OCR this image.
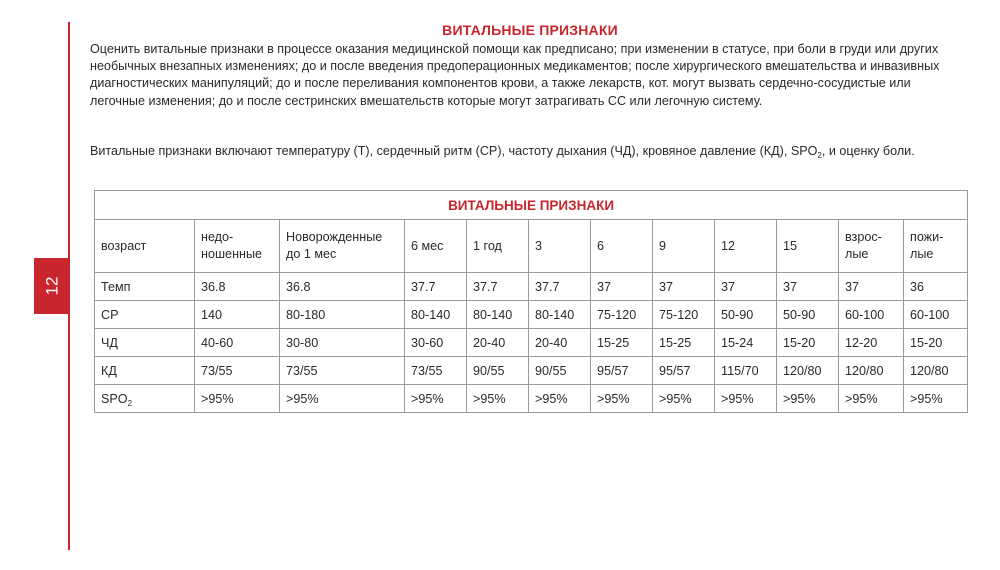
12
ВИТАЛЬНЫЕ ПРИЗНАКИ

Оценить витальные признаки в процессе оказания медицинской помощи как предписано; при изменении в статусе, при боли в груди или других необычных внезапных изменениях; до и после введения предоперационных медикаментов; после хирургического вмешательства и инвазивных диагностических манипуляций; до и после переливания компонентов крови, а также лекарств, кот. могут вызвать сердечно-сосудистые или легочные изменения; до и после сестринских вмешательств которые могут затрагивать СС или легочную систему.

Витальные признаки включают температуру (Т), сердечный ритм (СР), частоту дыхания (ЧД), кровяное давление (КД), $SPO_2$, и оценку боли.

ВИТАЛЬНЫЕ ПРИЗНАКИ											
возраст	недо-ношенные	Новорожденные до 1 мес	6 мес	1 год	3	6	9	12	15	взрос-лые	пожи-лые
Темп	36.8	36.8	37.7	37.7	37.7	37	37	37	37	37	36
СР	140	80-180	80-140	80-140	80-140	75-120	75-120	50-90	50-90	60-100	60-100
ЧД	40-60	30-80	30-60	20-40	20-40	15-25	15-25	15-24	15-20	12-20	15-20
КД	73/55	73/55	73/55	90/55	90/55	95/57	95/57	115/70	120/80	120/80	120/80
$SPO_2$	>95%	>95%	>95%	>95%	>95%	>95%	>95%	>95%	>95%	>95%	>95%
